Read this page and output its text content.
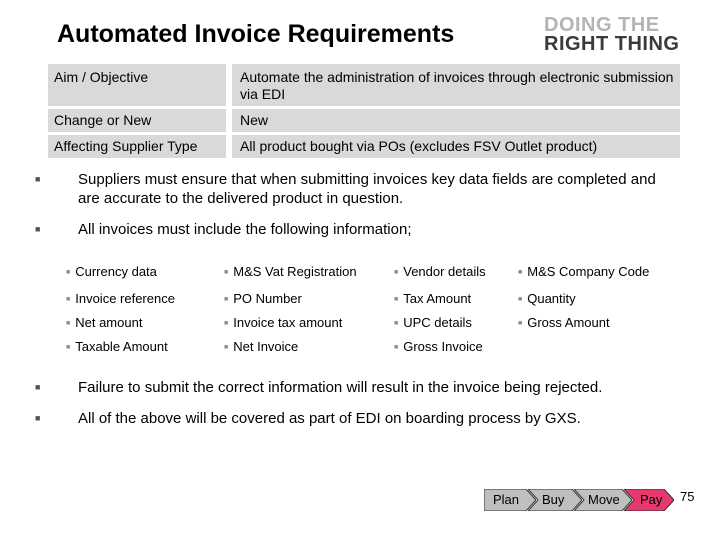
Automated Invoice Requirements	DOING THE
RIGHT THING
Aim / Objective	Automate the administration of invoices through electronic submission via EDI
Change or New	New
Affecting Supplier Type	All product bought via POs (excludes FSV Outlet product)
■	Suppliers must ensure that when submitting invoices key data fields are completed and are accurate to the delivered product in question.
■	All invoices must include the following information;
■ Currency data	■ M&S Vat Registration	■ Vendor details	■ M&S Company Code
■ Invoice reference	■ PO Number	■ Tax Amount	■ Quantity
■ Net amount	■ Invoice tax amount	■ UPC details	■ Gross Amount
■ Taxable Amount	■ Net Invoice	■ Gross Invoice
■	Failure to submit the correct information will result in the invoice being rejected.
■	All of the above will be covered as part of EDI on boarding process by GXS.
Plan Buy Move Pay 75
